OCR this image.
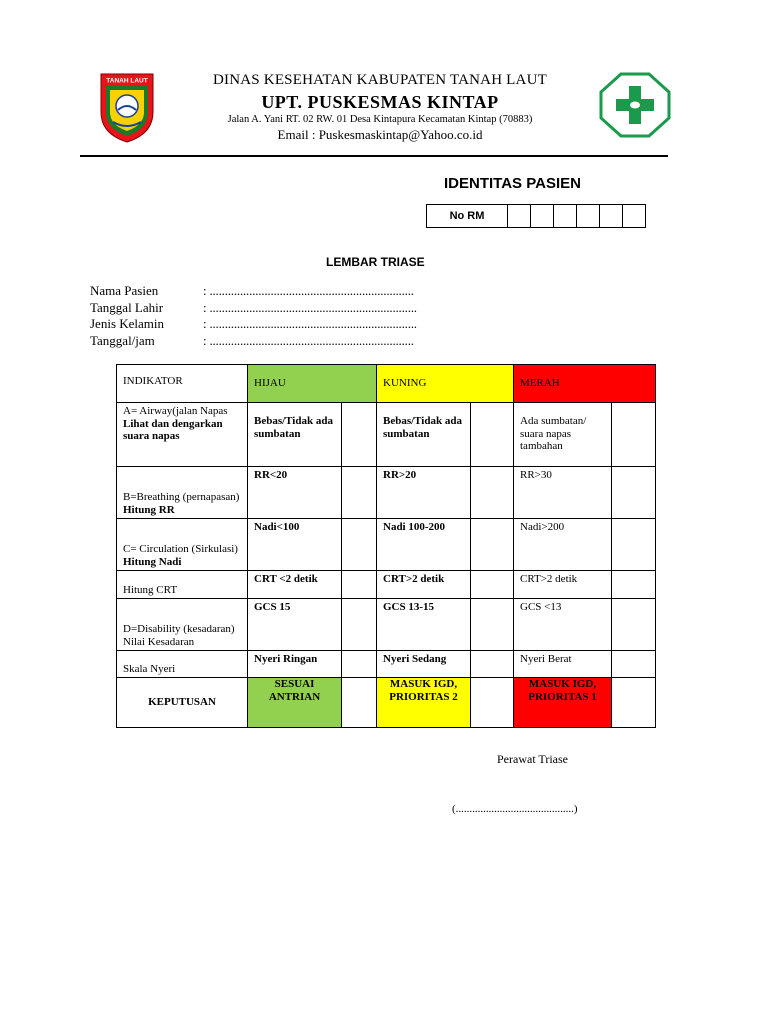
TANAH LAUT	DINAS KESEHATAN KABUPATEN TANAH LAUT
UPT. PUSKESMAS KINTAP
Jalan A. Yani RT. 02 RW. 01 Desa Kintapura Kecamatan Kintap (70883)
Email : Puskesmaskintap@Yahoo.co.id
IDENTITAS PASIEN
No RM
LEMBAR TRIASE
Nama Pasien	: ...................................................................
Tanggal Lahir	: ....................................................................
Jenis Kelamin	: ....................................................................
Tanggal/jam	: ...................................................................
INDIKATOR	HIJAU		KUNING		MERAH	

A= Airway(jalan Napas
Lihat dan dengarkan suara napas	Bebas/Tidak ada sumbatan		Bebas/Tidak ada sumbatan		Ada sumbatan/ suara napas tambahan	

B=Breathing (pernapasan)
Hitung RR	RR<20		RR>20		RR>30	

C= Circulation (Sirkulasi)
Hitung Nadi	Nadi<100		Nadi 100-200		Nadi>200	

Hitung CRT	CRT <2 detik		CRT>2 detik		CRT>2 detik	

D=Disability (kesadaran) Nilai Kesadaran	GCS 15		GCS 13-15		GCS <13	

Skala Nyeri	Nyeri Ringan		Nyeri Sedang		Nyeri Berat	
KEPUTUSAN	SESUAI ANTRIAN		MASUK IGD, PRIORITAS 2		MASUK IGD, PRIORITAS 1	
Perawat Triase
(...........................................)
